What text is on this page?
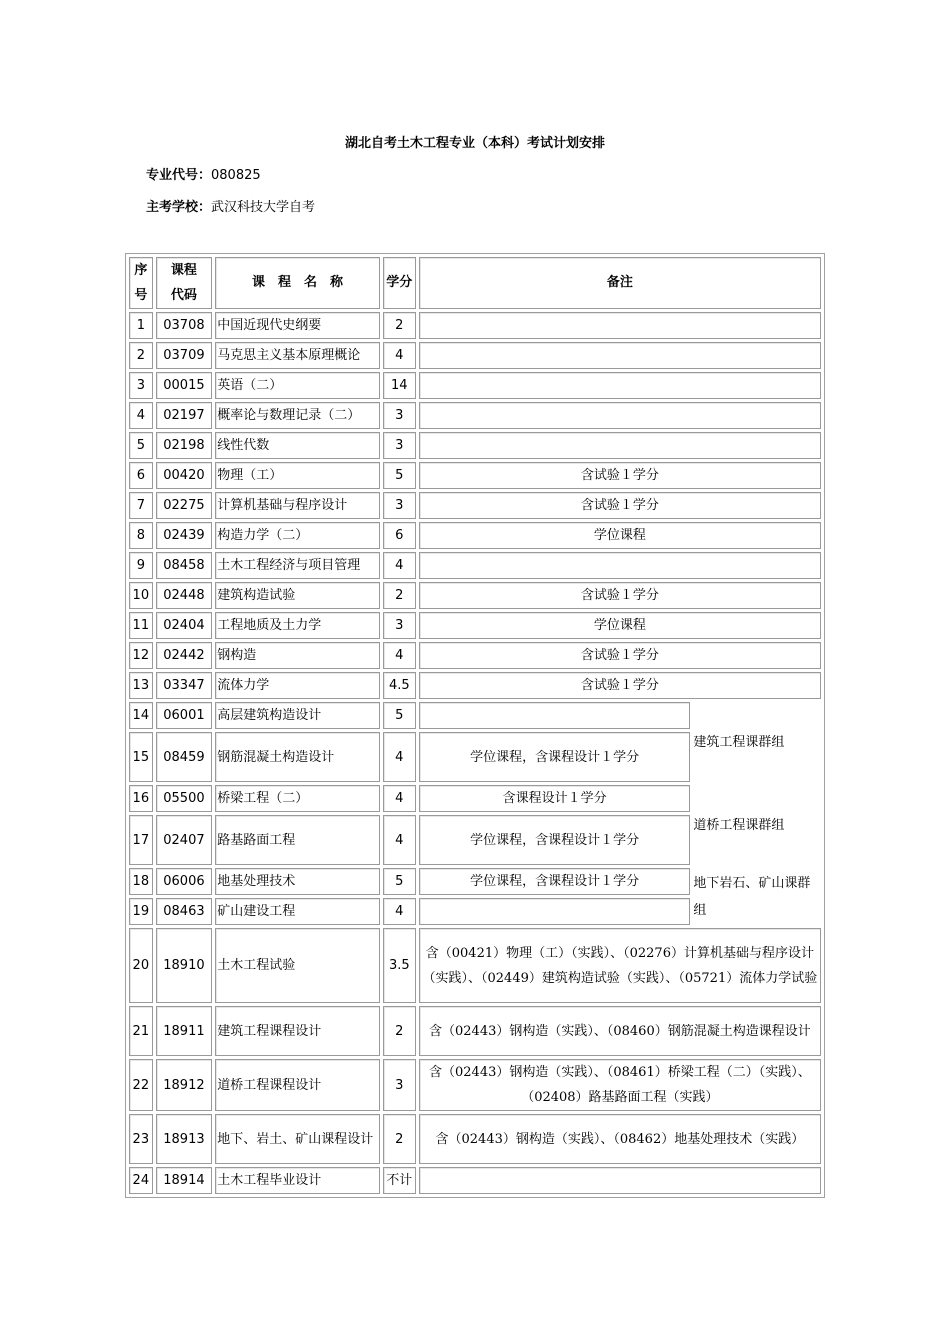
湖北自考土木工程专业（本科）考试计划安排
专业代号：080825
主考学校：武汉科技大学自考
序号	课程代码	课　程　名　称	学分	备注	
1	03708	中国近现代史纲要	2		
2	03709	马克思主义基本原理概论	4		
3	00015	英语（二）	14		
4	02197	概率论与数理记录（二）	3		
5	02198	线性代数	3		
6	00420	物理（工）	5	含试验１学分	
7	02275	计算机基础与程序设计	3	含试验１学分	
8	02439	构造力学（二）	6	学位课程	
9	08458	土木工程经济与项目管理	4		
10	02448	建筑构造试验	2	含试验１学分	
11	02404	工程地质及土力学	3	学位课程	
12	02442	钢构造	4	含试验１学分	
13	03347	流体力学	4.5	含试验１学分	
14	06001	高层建筑构造设计	5		建筑工程课群组
15	08459	钢筋混凝土构造设计	4	学位课程，含课程设计１学分	
16	05500	桥梁工程（二）	4	含课程设计１学分	道桥工程课群组
17	02407	路基路面工程	4	学位课程，含课程设计１学分	
18	06006	地基处理技术	5	学位课程，含课程设计１学分	地下岩石、矿山课群组
19	08463	矿山建设工程	4		
20	18910	土木工程试验	3.5	含（00421）物理（工）（实践）、（02276）计算机基础与程序设计（实践）、（02449）建筑构造试验（实践）、（05721）流体力学试验	
21	18911	建筑工程课程设计	2	含（02443）钢构造（实践）、（08460）钢筋混凝土构造课程设计	
22	18912	道桥工程课程设计	3	含（02443）钢构造（实践）、（08461）桥梁工程（二）（实践）、（02408）路基路面工程（实践）	
23	18913	地下、岩土、矿山课程设计	2	含（02443）钢构造（实践）、（08462）地基处理技术（实践）	
24	18914	土木工程毕业设计	不计		
